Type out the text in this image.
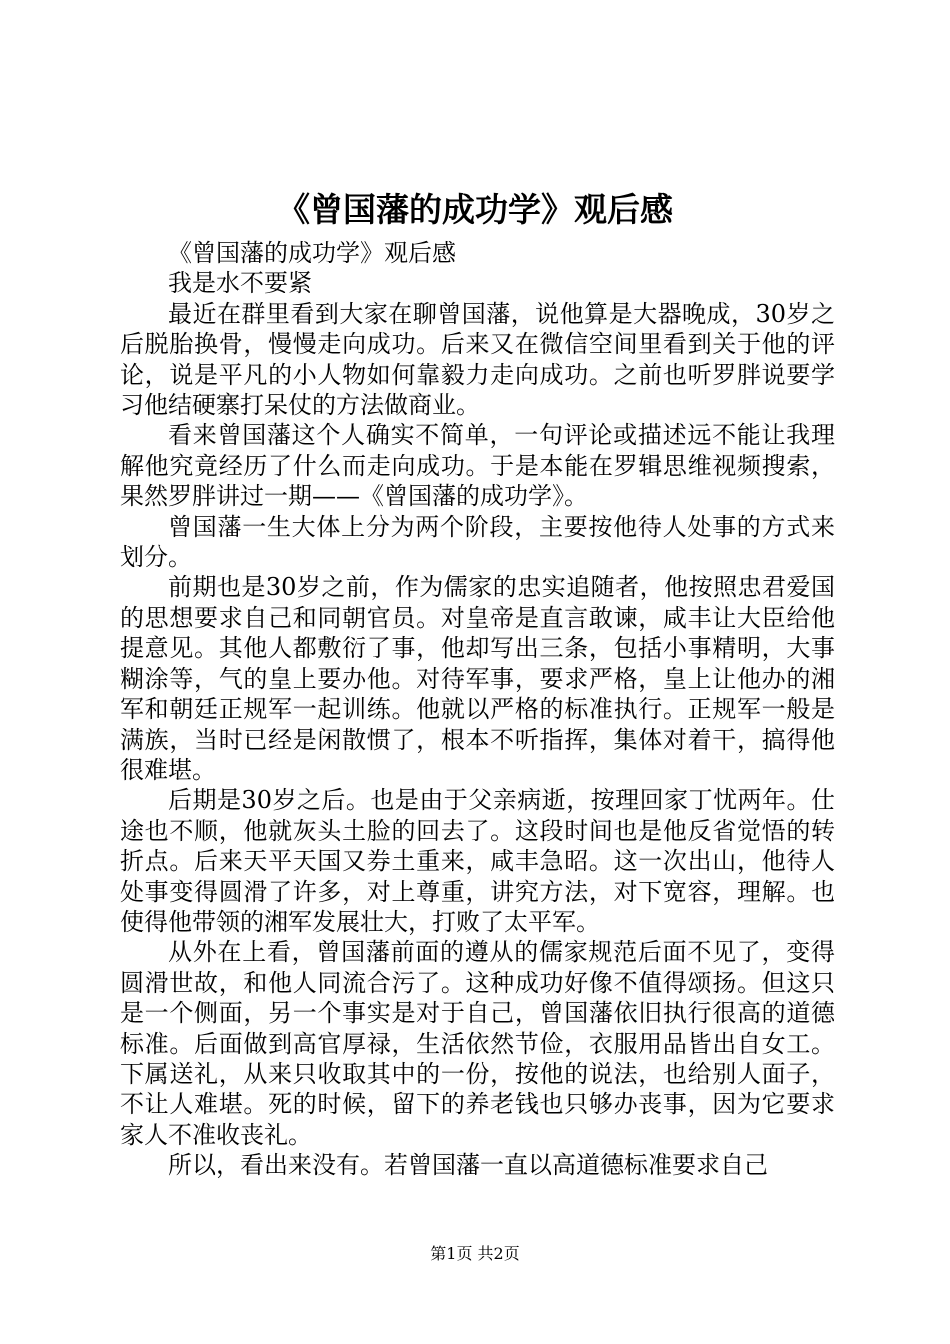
《曾国藩的成功学》观后感

《曾国藩的成功学》观后感

我是水不要紧

最近在群里看到大家在聊曾国藩，说他算是大器晚成，30岁之后脱胎换骨，慢慢走向成功。后来又在微信空间里看到关于他的评论，说是平凡的小人物如何靠毅力走向成功。之前也听罗胖说要学习他结硬寨打呆仗的方法做商业。

看来曾国藩这个人确实不简单，一句评论或描述远不能让我理解他究竟经历了什么而走向成功。于是本能在罗辑思维视频搜索，果然罗胖讲过一期——《曾国藩的成功学》。

曾国藩一生大体上分为两个阶段，主要按他待人处事的方式来划分。

前期也是30岁之前，作为儒家的忠实追随者，他按照忠君爱国的思想要求自己和同朝官员。对皇帝是直言敢谏，咸丰让大臣给他提意见。其他人都敷衍了事，他却写出三条，包括小事精明，大事糊涂等，气的皇上要办他。对待军事，要求严格，皇上让他办的湘军和朝廷正规军一起训练。他就以严格的标准执行。正规军一般是满族，当时已经是闲散惯了，根本不听指挥，集体对着干，搞得他很难堪。

后期是30岁之后。也是由于父亲病逝，按理回家丁忧两年。仕途也不顺，他就灰头土脸的回去了。这段时间也是他反省觉悟的转折点。后来天平天国又券土重来，咸丰急昭。这一次出山，他待人处事变得圆滑了许多，对上尊重，讲究方法，对下宽容，理解。也使得他带领的湘军发展壮大，打败了太平军。

从外在上看，曾国藩前面的遵从的儒家规范后面不见了，变得圆滑世故，和他人同流合污了。这种成功好像不值得颂扬。但这只是一个侧面，另一个事实是对于自己，曾国藩依旧执行很高的道德标准。后面做到高官厚禄，生活依然节俭，衣服用品皆出自女工。下属送礼，从来只收取其中的一份，按他的说法，也给别人面子，不让人难堪。死的时候，留下的养老钱也只够办丧事，因为它要求家人不准收丧礼。

所以，看出来没有。若曾国藩一直以高道德标准要求自己

第1页 共2页
